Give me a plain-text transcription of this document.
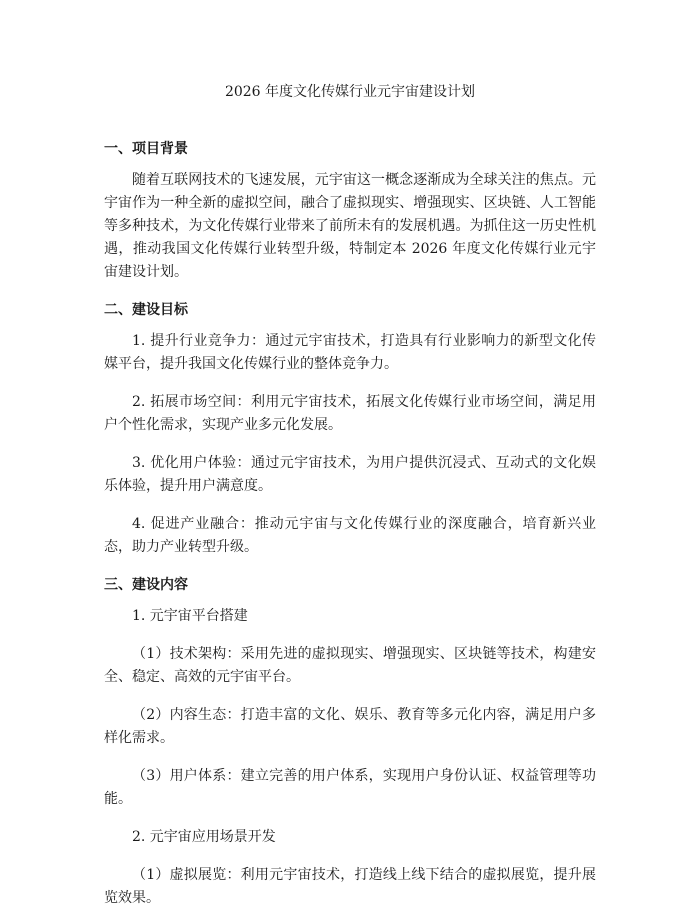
2026 年度文化传媒行业元宇宙建设计划
一、项目背景

随着互联网技术的飞速发展，元宇宙这一概念逐渐成为全球关注的焦点。元宇宙作为一种全新的虚拟空间，融合了虚拟现实、增强现实、区块链、人工智能等多种技术，为文化传媒行业带来了前所未有的发展机遇。为抓住这一历史性机遇，推动我国文化传媒行业转型升级，特制定本 2026 年度文化传媒行业元宇宙建设计划。

二、建设目标

1. 提升行业竞争力：通过元宇宙技术，打造具有行业影响力的新型文化传媒平台，提升我国文化传媒行业的整体竞争力。

2. 拓展市场空间：利用元宇宙技术，拓展文化传媒行业市场空间，满足用户个性化需求，实现产业多元化发展。

3. 优化用户体验：通过元宇宙技术，为用户提供沉浸式、互动式的文化娱乐体验，提升用户满意度。

4. 促进产业融合：推动元宇宙与文化传媒行业的深度融合，培育新兴业态，助力产业转型升级。

三、建设内容

1. 元宇宙平台搭建

（1）技术架构：采用先进的虚拟现实、增强现实、区块链等技术，构建安全、稳定、高效的元宇宙平台。

（2）内容生态：打造丰富的文化、娱乐、教育等多元化内容，满足用户多样化需求。

（3）用户体系：建立完善的用户体系，实现用户身份认证、权益管理等功能。

2. 元宇宙应用场景开发

（1）虚拟展览：利用元宇宙技术，打造线上线下结合的虚拟展览，提升展览效果。
